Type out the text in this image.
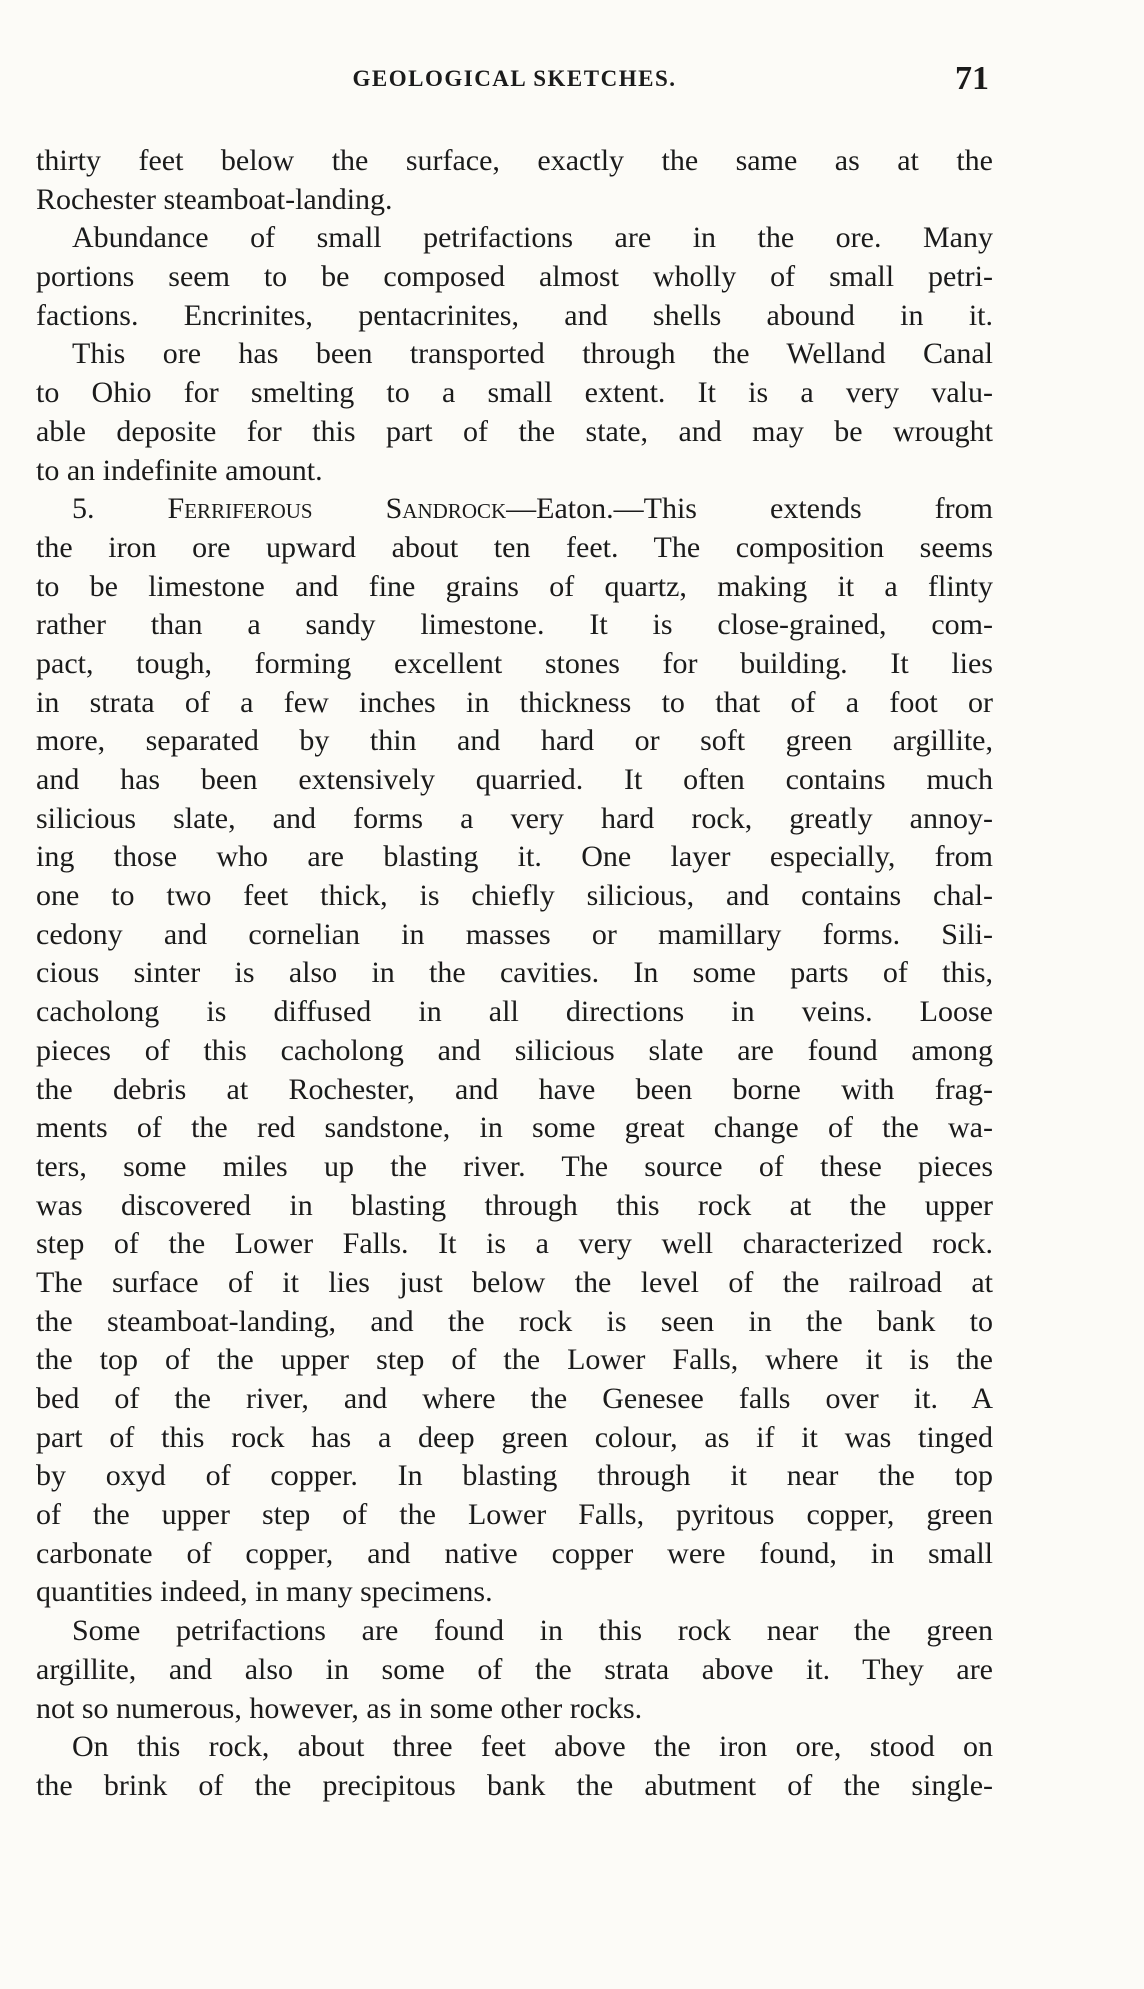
GEOLOGICAL SKETCHES.	71
thirty feet below the surface, exactly the same as at the
Rochester steamboat-landing.
Abundance of small petrifactions are in the ore. Many
portions seem to be composed almost wholly of small petri-
factions. Encrinites, pentacrinites, and shells abound in it.
This ore has been transported through the Welland Canal
to Ohio for smelting to a small extent. It is a very valu-
able deposite for this part of the state, and may be wrought
to an indefinite amount.
5. Ferriferous Sandrock—Eaton.—This extends from
the iron ore upward about ten feet. The composition seems
to be limestone and fine grains of quartz, making it a flinty
rather than a sandy limestone. It is close-grained, com-
pact, tough, forming excellent stones for building. It lies
in strata of a few inches in thickness to that of a foot or
more, separated by thin and hard or soft green argillite,
and has been extensively quarried. It often contains much
silicious slate, and forms a very hard rock, greatly annoy-
ing those who are blasting it. One layer especially, from
one to two feet thick, is chiefly silicious, and contains chal-
cedony and cornelian in masses or mamillary forms. Sili-
cious sinter is also in the cavities. In some parts of this,
cacholong is diffused in all directions in veins. Loose
pieces of this cacholong and silicious slate are found among
the debris at Rochester, and have been borne with frag-
ments of the red sandstone, in some great change of the wa-
ters, some miles up the river. The source of these pieces
was discovered in blasting through this rock at the upper
step of the Lower Falls. It is a very well characterized rock.
The surface of it lies just below the level of the railroad at
the steamboat-landing, and the rock is seen in the bank to
the top of the upper step of the Lower Falls, where it is the
bed of the river, and where the Genesee falls over it. A
part of this rock has a deep green colour, as if it was tinged
by oxyd of copper. In blasting through it near the top
of the upper step of the Lower Falls, pyritous copper, green
carbonate of copper, and native copper were found, in small
quantities indeed, in many specimens.
Some petrifactions are found in this rock near the green
argillite, and also in some of the strata above it. They are
not so numerous, however, as in some other rocks.
On this rock, about three feet above the iron ore, stood on
the brink of the precipitous bank the abutment of the single-
